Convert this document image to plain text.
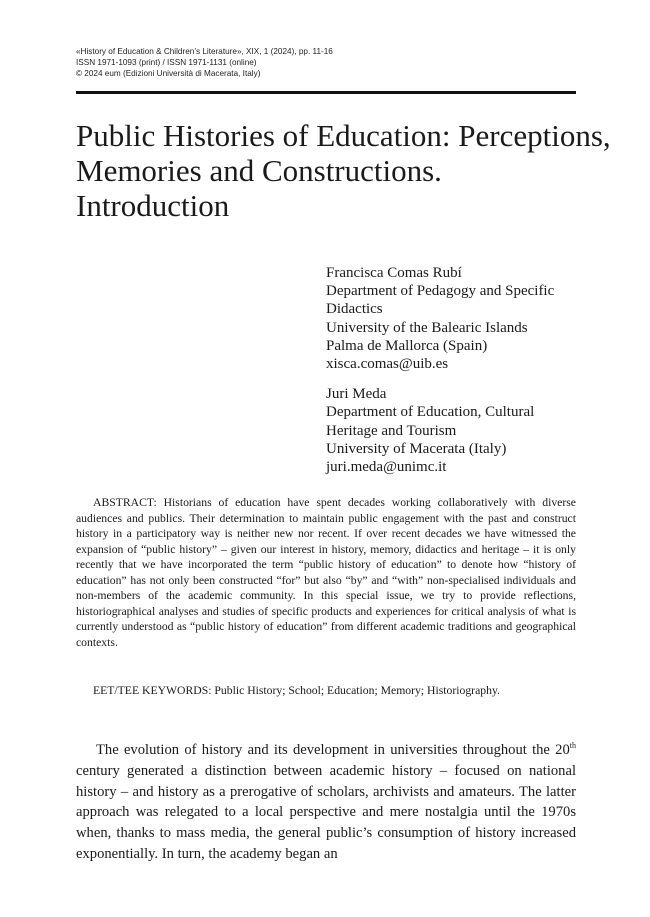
«History of Education & Children’s Literature», XIX, 1 (2024), pp. 11-16
ISSN 1971-1093 (print) / ISSN 1971-1131 (online)
© 2024 eum (Edizioni Università di Macerata, Italy)
Public Histories of Education: Perceptions,
Memories and Constructions.
Introduction
Francisca Comas Rubí
Department of Pedagogy and Specific
Didactics
University of the Balearic Islands
Palma de Mallorca (Spain)
xisca.comas@uib.es
Juri Meda
Department of Education, Cultural
Heritage and Tourism
University of Macerata (Italy)
juri.meda@unimc.it

ABSTRACT: Historians of education have spent decades working collaboratively with diverse audiences and publics. Their determination to maintain public engagement with the past and construct history in a participatory way is neither new nor recent. If over recent decades we have witnessed the expansion of “public history” – given our interest in history, memory, didactics and heritage – it is only recently that we have incorporated the term “public history of education” to denote how “history of education” has not only been constructed “for” but also “by” and “with” non-specialised individuals and non-members of the academic community. In this special issue, we try to provide reflections, historiographical analyses and studies of specific products and experiences for critical analysis of what is currently understood as “public history of education” from different academic traditions and geographical contexts.

EET/TEE KEYWORDS: Public History; School; Education; Memory; Historiography.

The evolution of history and its development in universities throughout the 20th century generated a distinction between academic history – focused on national history – and history as a prerogative of scholars, archivists and amateurs. The latter approach was relegated to a local perspective and mere nostalgia until the 1970s when, thanks to mass media, the general public’s consumption of history increased exponentially. In turn, the academy began an
